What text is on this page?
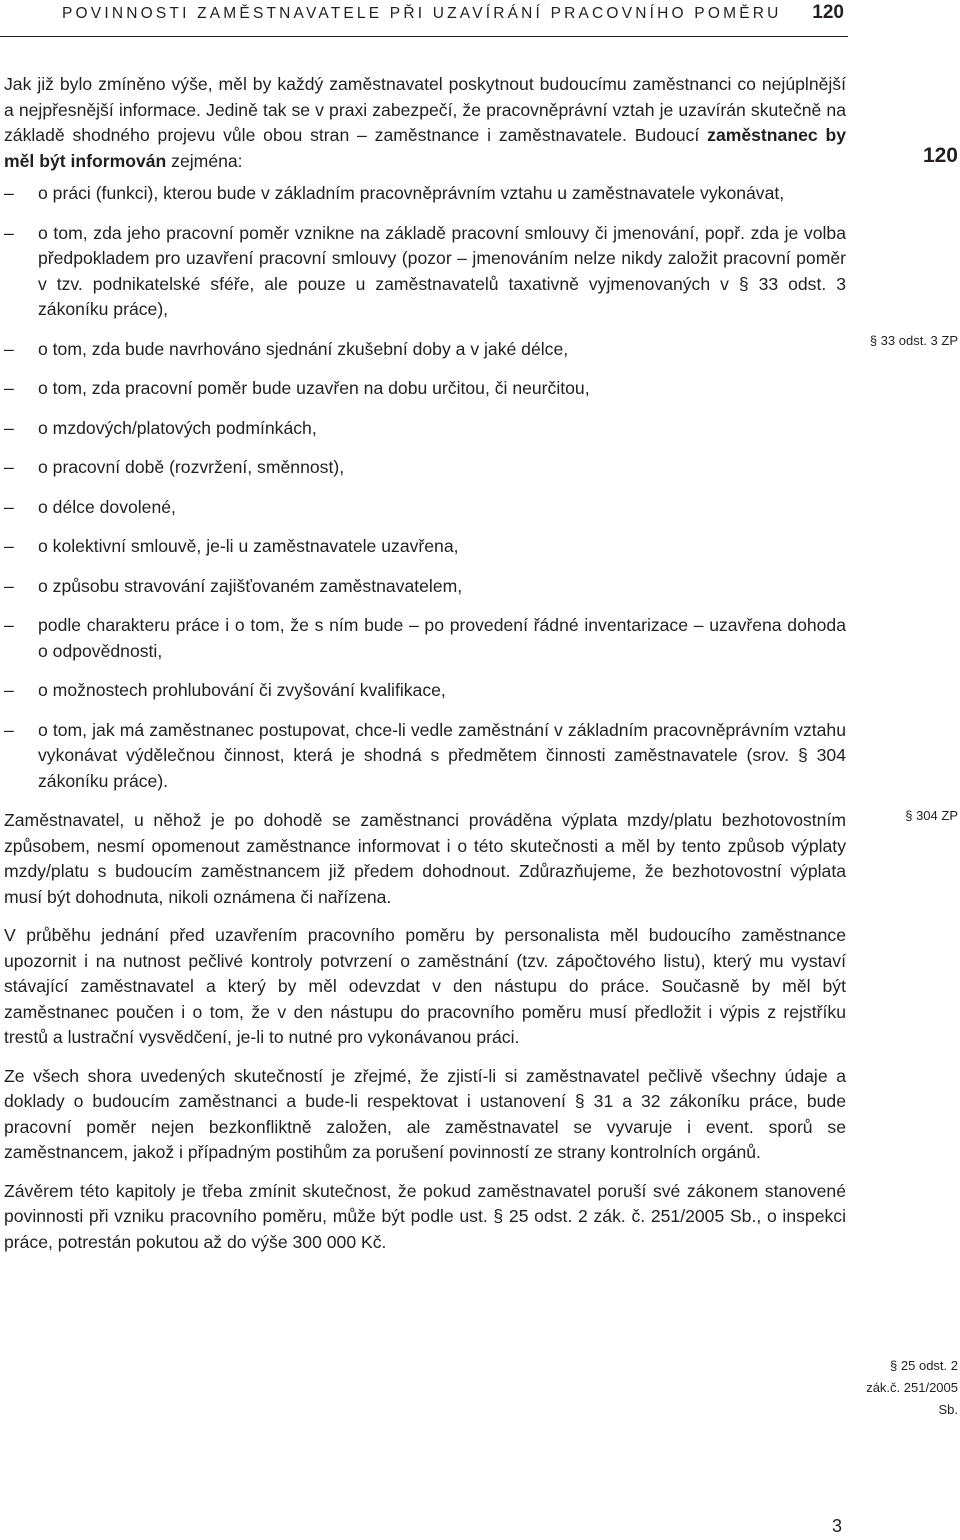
POVINNOSTI ZAMĚSTNAVATELE PŘI UZAVÍRÁNÍ PRACOVNÍHO POMĚRU 120
120

Jak již bylo zmíněno výše, měl by každý zaměstnavatel poskytnout budoucímu zaměstnanci co nejúplnější a nejpřesnější informace. Jedině tak se v praxi zabezpečí, že pracovněprávní vztah je uzavírán skutečně na základě shodného projevu vůle obou stran – zaměstnance i zaměstnavatele. Budoucí zaměstnanec by měl být informován zejména:

– o práci (funkci), kterou bude v základním pracovněprávním vztahu u zaměstnavatele vykonávat,
– o tom, zda jeho pracovní poměr vznikne na základě pracovní smlouvy či jmenování, popř. zda je volba předpokladem pro uzavření pracovní smlouvy (pozor – jmenováním nelze nikdy založit pracovní poměr v tzv. podnikatelské sféře, ale pouze u zaměstnavatelů taxativně vyjmenovaných v § 33 odst. 3 zákoníku práce),
– o tom, zda bude navrhováno sjednání zkušební doby a v jaké délce,
– o tom, zda pracovní poměr bude uzavřen na dobu určitou, či neurčitou,
– o mzdových/platových podmínkách,
– o pracovní době (rozvržení, směnnost),
– o délce dovolené,
– o kolektivní smlouvě, je-li u zaměstnavatele uzavřena,
– o způsobu stravování zajišťovaném zaměstnavatelem,
– podle charakteru práce i o tom, že s ním bude – po provedení řádné inventarizace – uzavřena dohoda o odpovědnosti,
– o možnostech prohlubování či zvyšování kvalifikace,
– o tom, jak má zaměstnanec postupovat, chce-li vedle zaměstnání v základním pracovněprávním vztahu vykonávat výdělečnou činnost, která je shodná s předmětem činnosti zaměstnavatele (srov. § 304 zákoníku práce).

Zaměstnavatel, u něhož je po dohodě se zaměstnanci prováděna výplata mzdy/platu bezhotovostním způsobem, nesmí opomenout zaměstnance informovat i o této skutečnosti a měl by tento způsob výplaty mzdy/platu s budoucím zaměstnancem již předem dohodnout. Zdůrazňujeme, že bezhotovostní výplata musí být dohodnuta, nikoli oznámena či nařízena.

V průběhu jednání před uzavřením pracovního poměru by personalista měl budoucího zaměstnance upozornit i na nutnost pečlivé kontroly potvrzení o zaměstnání (tzv. zápočtového listu), který mu vystaví stávající zaměstnavatel a který by měl odevzdat v den nástupu do práce. Současně by měl být zaměstnanec poučen i o tom, že v den nástupu do pracovního poměru musí předložit i výpis z rejstříku trestů a lustrační vysvědčení, je-li to nutné pro vykonávanou práci.

Ze všech shora uvedených skutečností je zřejmé, že zjistí-li si zaměstnavatel pečlivě všechny údaje a doklady o budoucím zaměstnanci a bude-li respektovat i ustanovení § 31 a 32 zákoníku práce, bude pracovní poměr nejen bezkonfliktně založen, ale zaměstnavatel se vyvaruje i event. sporů se zaměstnancem, jakož i případným postihům za porušení povinností ze strany kontrolních orgánů.

Závěrem této kapitoly je třeba zmínit skutečnost, že pokud zaměstnavatel poruší své zákonem stanovené povinnosti při vzniku pracovního poměru, může být podle ust. § 25 odst. 2 zák. č. 251/2005 Sb., o inspekci práce, potrestán pokutou až do výše 300 000 Kč.

§ 33 odst. 3 ZP
§ 304 ZP
§ 25 odst. 2
zák.č. 251/2005
Sb.
3
